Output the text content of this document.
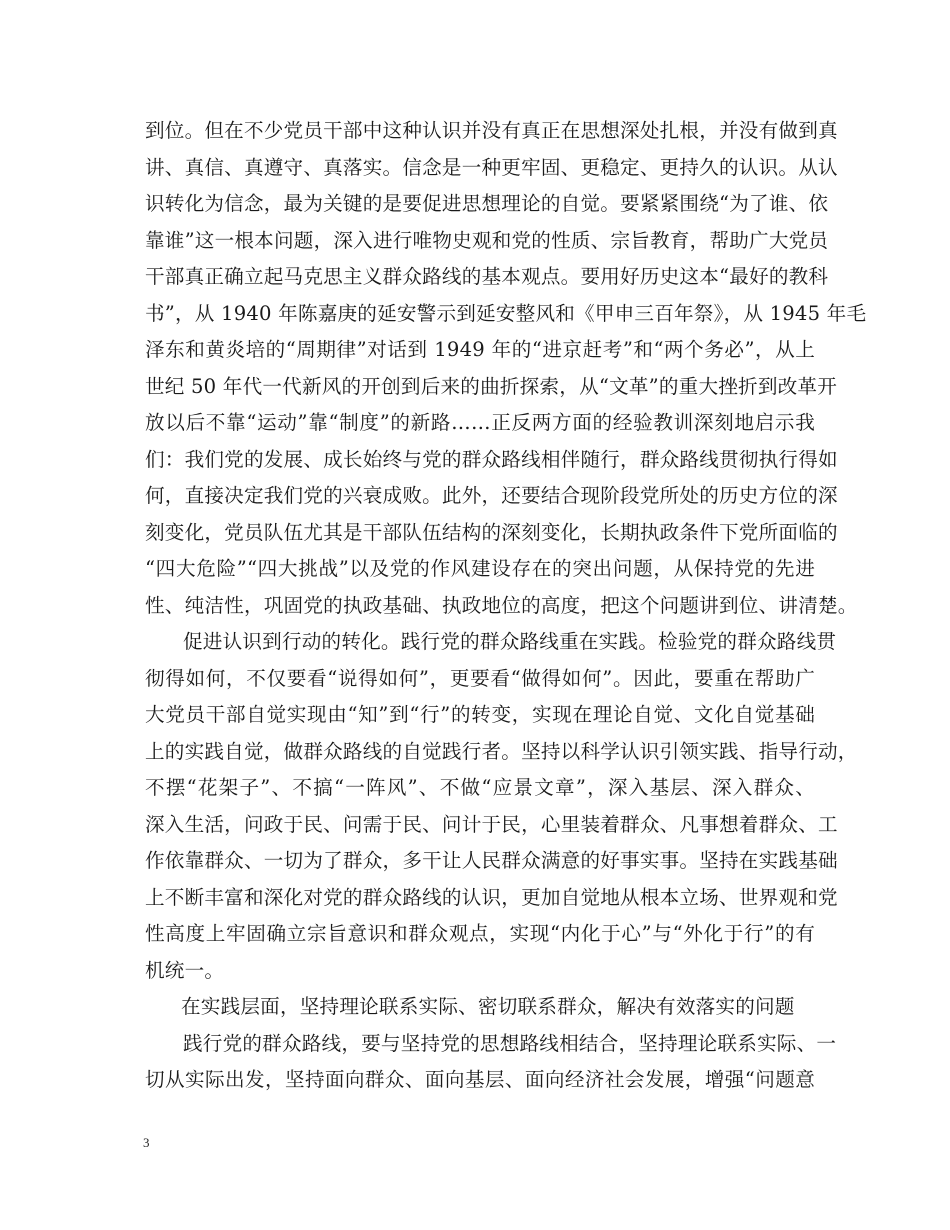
到位。但在不少党员干部中这种认识并没有真正在思想深处扎根，并没有做到真
讲、真信、真遵守、真落实。信念是一种更牢固、更稳定、更持久的认识。从认
识转化为信念，最为关键的是要促进思想理论的自觉。要紧紧围绕“为了谁、依
靠谁”这一根本问题，深入进行唯物史观和党的性质、宗旨教育，帮助广大党员
干部真正确立起马克思主义群众路线的基本观点。要用好历史这本“最好的教科
书”，从 1940 年陈嘉庚的延安警示到延安整风和《甲申三百年祭》，从 1945 年毛
泽东和黄炎培的“周期律”对话到 1949 年的“进京赶考”和“两个务必”，从上
世纪 50 年代一代新风的开创到后来的曲折探索，从“文革”的重大挫折到改革开
放以后不靠“运动”靠“制度”的新路……正反两方面的经验教训深刻地启示我
们：我们党的发展、成长始终与党的群众路线相伴随行，群众路线贯彻执行得如
何，直接决定我们党的兴衰成败。此外，还要结合现阶段党所处的历史方位的深
刻变化，党员队伍尤其是干部队伍结构的深刻变化，长期执政条件下党所面临的
“四大危险”“四大挑战”以及党的作风建设存在的突出问题，从保持党的先进
性、纯洁性，巩固党的执政基础、执政地位的高度，把这个问题讲到位、讲清楚。
促进认识到行动的转化。践行党的群众路线重在实践。检验党的群众路线贯
彻得如何，不仅要看“说得如何”，更要看“做得如何”。因此，要重在帮助广
大党员干部自觉实现由“知”到“行”的转变，实现在理论自觉、文化自觉基础
上的实践自觉，做群众路线的自觉践行者。坚持以科学认识引领实践、指导行动，
不摆“花架子”、不搞“一阵风”、不做“应景文章”，深入基层、深入群众、
深入生活，问政于民、问需于民、问计于民，心里装着群众、凡事想着群众、工
作依靠群众、一切为了群众，多干让人民群众满意的好事实事。坚持在实践基础
上不断丰富和深化对党的群众路线的认识，更加自觉地从根本立场、世界观和党
性高度上牢固确立宗旨意识和群众观点，实现“内化于心”与“外化于行”的有
机统一。
在实践层面，坚持理论联系实际、密切联系群众，解决有效落实的问题
践行党的群众路线，要与坚持党的思想路线相结合，坚持理论联系实际、一
切从实际出发，坚持面向群众、面向基层、面向经济社会发展，增强“问题意
3
